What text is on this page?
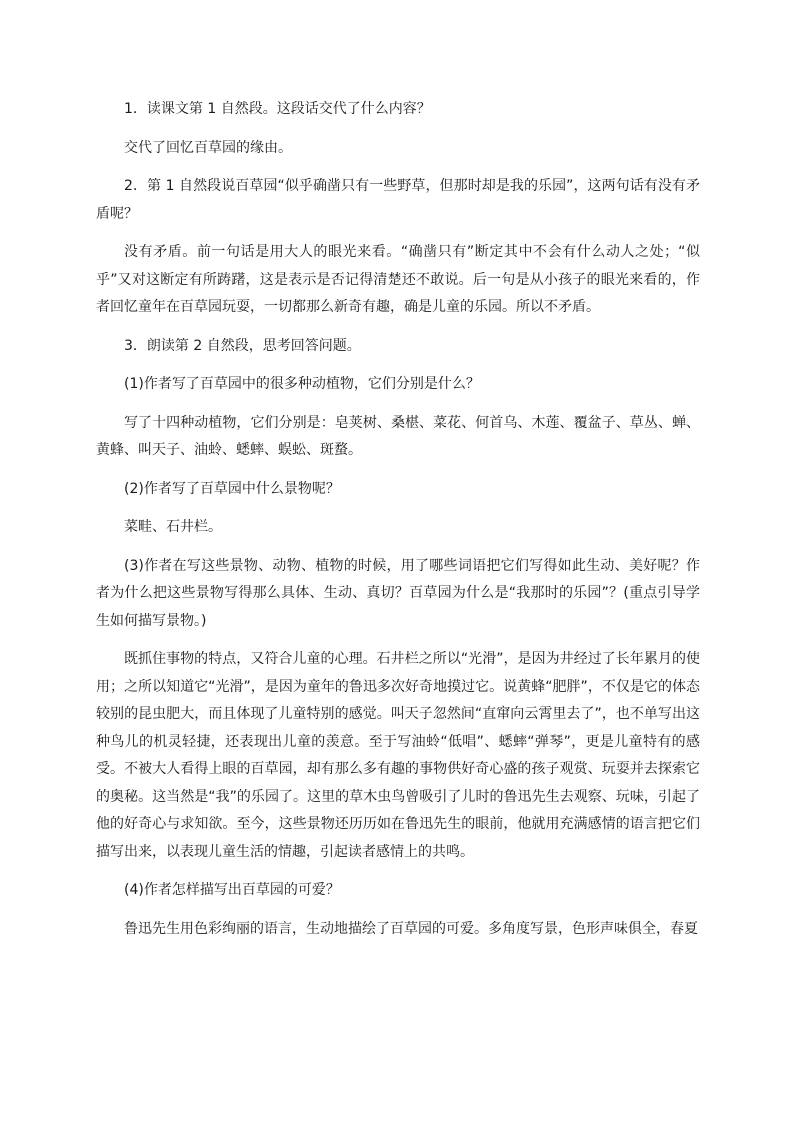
1．读课文第 1 自然段。这段话交代了什么内容？

交代了回忆百草园的缘由。

2．第 1 自然段说百草园“似乎确凿只有一些野草，但那时却是我的乐园”，这两句话有没有矛盾呢？

没有矛盾。前一句话是用大人的眼光来看。“确凿只有”断定其中不会有什么动人之处；“似乎”又对这断定有所踌躇，这是表示是否记得清楚还不敢说。后一句是从小孩子的眼光来看的，作者回忆童年在百草园玩耍，一切都那么新奇有趣，确是儿童的乐园。所以不矛盾。

3．朗读第 2 自然段，思考回答问题。

(1)作者写了百草园中的很多种动植物，它们分别是什么？

写了十四种动植物，它们分别是：皂荚树、桑椹、菜花、何首乌、木莲、覆盆子、草丛、蝉、黄蜂、叫天子、油蛉、蟋蟀、蜈蚣、斑蝥。

(2)作者写了百草园中什么景物呢？

菜畦、石井栏。

(3)作者在写这些景物、动物、植物的时候，用了哪些词语把它们写得如此生动、美好呢？作者为什么把这些景物写得那么具体、生动、真切？百草园为什么是“我那时的乐园”？(重点引导学生如何描写景物。)

既抓住事物的特点，又符合儿童的心理。石井栏之所以“光滑”，是因为井经过了长年累月的使用；之所以知道它“光滑”，是因为童年的鲁迅多次好奇地摸过它。说黄蜂“肥胖”，不仅是它的体态较别的昆虫肥大，而且体现了儿童特别的感觉。叫天子忽然间“直窜向云霄里去了”，也不单写出这种鸟儿的机灵轻捷，还表现出儿童的羡意。至于写油蛉“低唱”、蟋蟀“弹琴”，更是儿童特有的感受。不被大人看得上眼的百草园，却有那么多有趣的事物供好奇心盛的孩子观赏、玩耍并去探索它的奥秘。这当然是“我”的乐园了。这里的草木虫鸟曾吸引了儿时的鲁迅先生去观察、玩味，引起了他的好奇心与求知欲。至今，这些景物还历历如在鲁迅先生的眼前，他就用充满感情的语言把它们描写出来，以表现儿童生活的情趣，引起读者感情上的共鸣。

(4)作者怎样描写出百草园的可爱？

鲁迅先生用色彩绚丽的语言，生动地描绘了百草园的可爱。多角度写景，色形声味俱全，春夏
